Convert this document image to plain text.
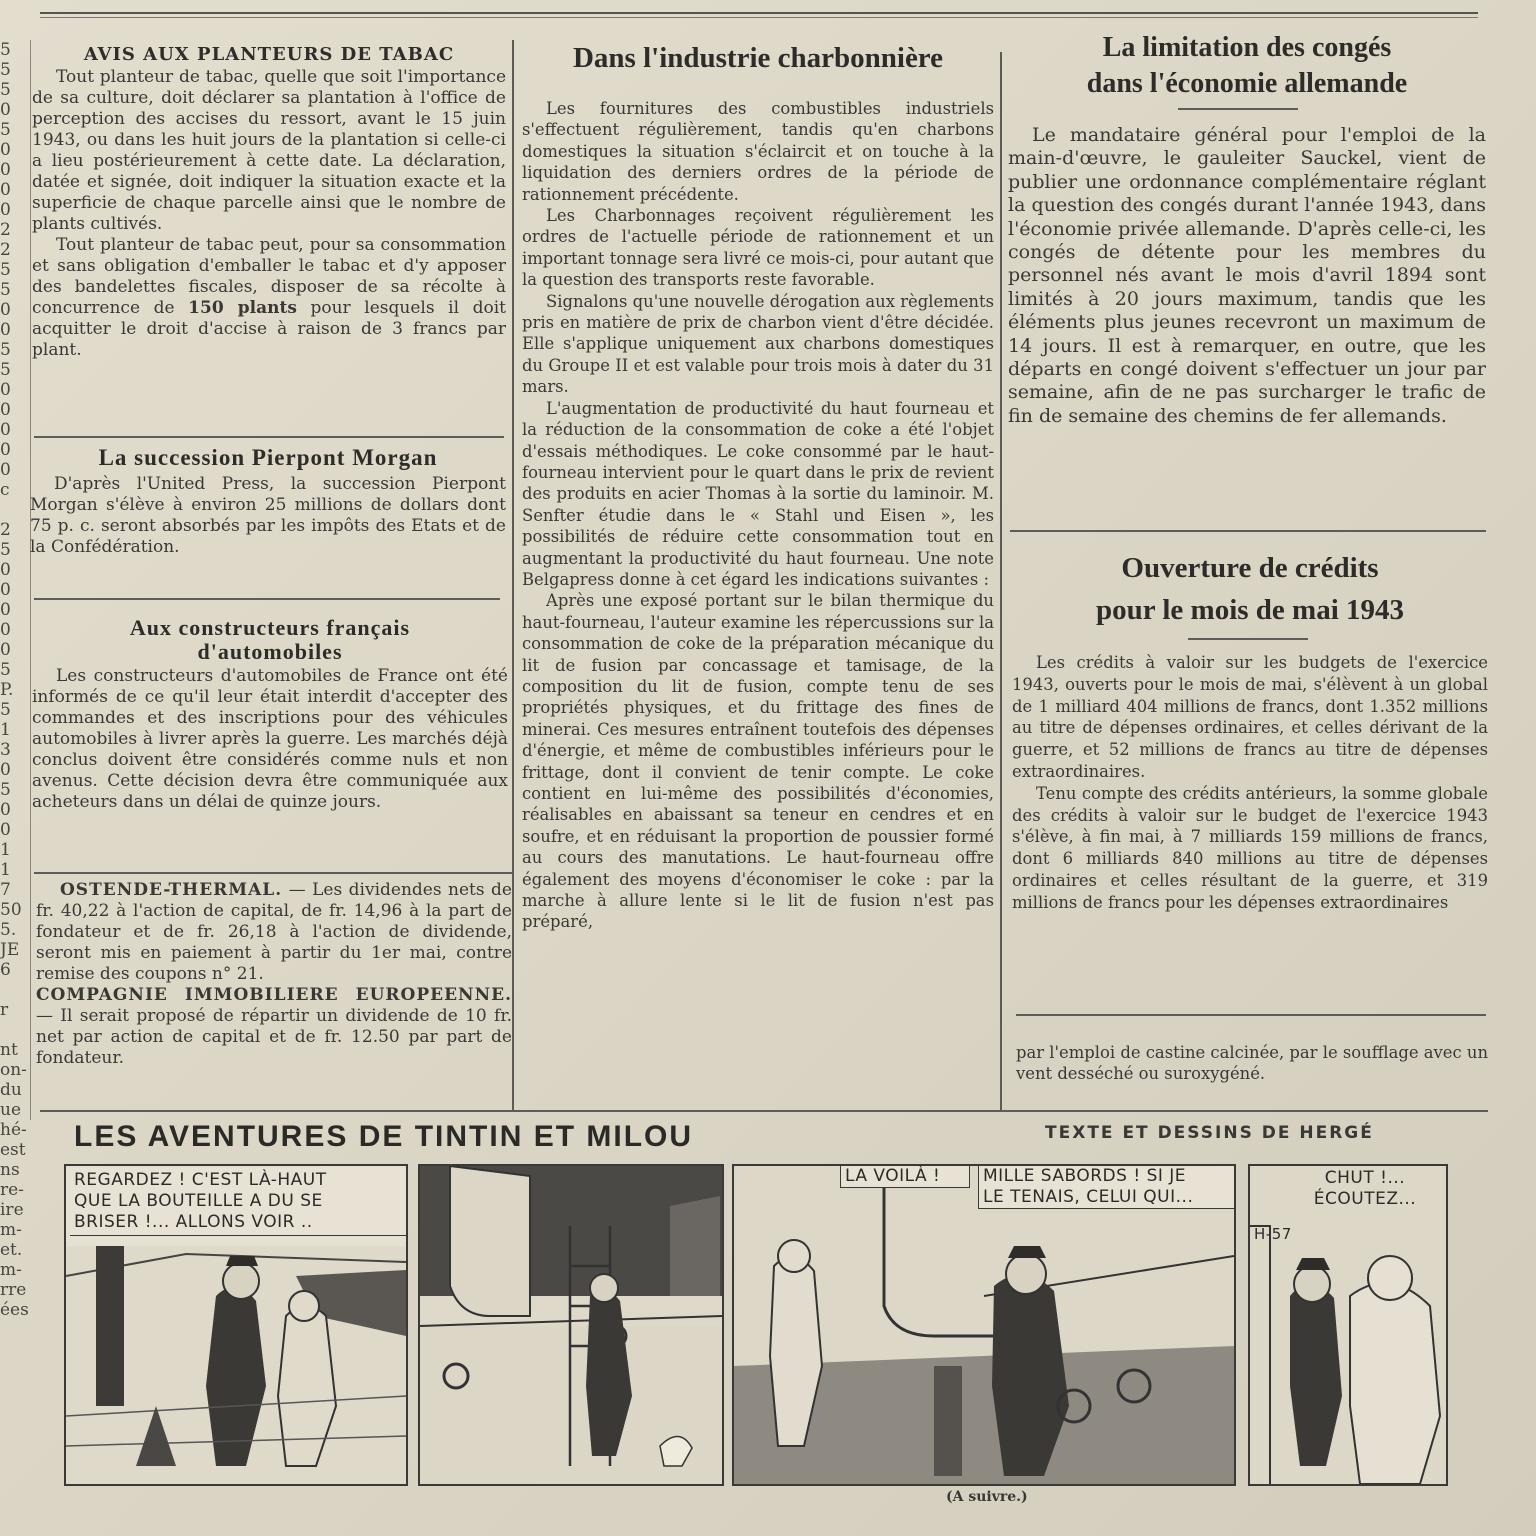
5
5
5
0
5
0
0
0
0
2
2
5
5
0
0
5
5
0
0
0
0
0
c

2
5
0
0
0
0
0
5
P.
5
1
3
0
5
0
0
1
1
7
50
5.
JE
6

r

nt
on-
du
ue
hé-
est
ns
re-
ire
m-
et.
m-
rre
ées
AVIS AUX PLANTEURS DE TABAC

Tout planteur de tabac, quelle que soit l'importance de sa culture, doit déclarer sa plantation à l'office de perception des accises du ressort, avant le 15 juin 1943, ou dans les huit jours de la plantation si celle-ci a lieu postérieurement à cette date. La déclaration, datée et signée, doit indiquer la situation exacte et la superficie de chaque parcelle ainsi que le nombre de plants cultivés.

Tout planteur de tabac peut, pour sa consommation et sans obligation d'emballer le tabac et d'y apposer des bandelettes fiscales, disposer de sa récolte à concurrence de 150 plants pour lesquels il doit acquitter le droit d'accise à raison de 3 francs par plant.

La succession Pierpont Morgan

D'après l'United Press, la succession Pierpont Morgan s'élève à environ 25 millions de dollars dont 75 p. c. seront absorbés par les impôts des Etats et de la Confédération.

Aux constructeurs français
d'automobiles

Les constructeurs d'automobiles de France ont été informés de ce qu'il leur était interdit d'accepter des commandes et des inscriptions pour des véhicules automobiles à livrer après la guerre. Les marchés déjà conclus doivent être considérés comme nuls et non avenus. Cette décision devra être communiquée aux acheteurs dans un délai de quinze jours.

OSTENDE-THERMAL. — Les dividendes nets de fr. 40,22 à l'action de capital, de fr. 14,96 à la part de fondateur et de fr. 26,18 à l'action de dividende, seront mis en paiement à partir du 1er mai, contre remise des coupons n° 21.

COMPAGNIE IMMOBILIERE EUROPEENNE. — Il serait proposé de répartir un dividende de 10 fr. net par action de capital et de fr. 12.50 par part de fondateur.

Dans l'industrie charbonnière

Les fournitures des combustibles industriels s'effectuent régulièrement, tandis qu'en charbons domestiques la situation s'éclaircit et on touche à la liquidation des derniers ordres de la période de rationnement précédente.

Les Charbonnages reçoivent régulièrement les ordres de l'actuelle période de rationnement et un important tonnage sera livré ce mois-ci, pour autant que la question des transports reste favorable.

Signalons qu'une nouvelle dérogation aux règlements pris en matière de prix de charbon vient d'être décidée. Elle s'applique uniquement aux charbons domestiques du Groupe II et est valable pour trois mois à dater du 31 mars.

L'augmentation de productivité du haut fourneau et la réduction de la consommation de coke a été l'objet d'essais méthodiques. Le coke consommé par le haut-fourneau intervient pour le quart dans le prix de revient des produits en acier Thomas à la sortie du laminoir. M. Senfter étudie dans le « Stahl und Eisen », les possibilités de réduire cette consommation tout en augmentant la productivité du haut fourneau. Une note Belgapress donne à cet égard les indications suivantes :

Après une exposé portant sur le bilan thermique du haut-fourneau, l'auteur examine les répercussions sur la consommation de coke de la préparation mécanique du lit de fusion par concassage et tamisage, de la composition du lit de fusion, compte tenu de ses propriétés physiques, et du frittage des fines de minerai. Ces mesures entraînent toutefois des dépenses d'énergie, et même de combustibles inférieurs pour le frittage, dont il convient de tenir compte. Le coke contient en lui-même des possibilités d'économies, réalisables en abaissant sa teneur en cendres et en soufre, et en réduisant la proportion de poussier formé au cours des manutations. Le haut-fourneau offre également des moyens d'économiser le coke : par la marche à allure lente si le lit de fusion n'est pas préparé,

La limitation des congés
dans l'économie allemande

Le mandataire général pour l'emploi de la main-d'œuvre, le gauleiter Sauckel, vient de publier une ordonnance complémentaire réglant la question des congés durant l'année 1943, dans l'économie privée allemande. D'après celle-ci, les congés de détente pour les membres du personnel nés avant le mois d'avril 1894 sont limités à 20 jours maximum, tandis que les éléments plus jeunes recevront un maximum de 14 jours. Il est à remarquer, en outre, que les départs en congé doivent s'effectuer un jour par semaine, afin de ne pas surcharger le trafic de fin de semaine des chemins de fer allemands.

Ouverture de crédits
pour le mois de mai 1943

Les crédits à valoir sur les budgets de l'exercice 1943, ouverts pour le mois de mai, s'élèvent à un global de 1 milliard 404 millions de francs, dont 1.352 millions au titre de dépenses ordinaires, et celles dérivant de la guerre, et 52 millions de francs au titre de dépenses extraordinaires.

Tenu compte des crédits antérieurs, la somme globale des crédits à valoir sur le budget de l'exercice 1943 s'élève, à fin mai, à 7 milliards 159 millions de francs, dont 6 milliards 840 millions au titre de dépenses ordinaires et celles résultant de la guerre, et 319 millions de francs pour les dépenses extraordinaires

par l'emploi de castine calcinée, par le soufflage avec un vent desséché ou suroxygéné.

LES AVENTURES DE TINTIN ET MILOU	TEXTE ET DESSINS DE HERGÉ
REGARDEZ ! C'EST LÀ-HAUT
QUE LA BOUTEILLE A DU SE
BRISER !... ALLONS VOIR ..
LA VOILÀ !	MILLE SABORDS ! SI JE
LE TENAIS, CELUI QUI...
CHUT !...
ÉCOUTEZ...
H-57
(A suivre.)
